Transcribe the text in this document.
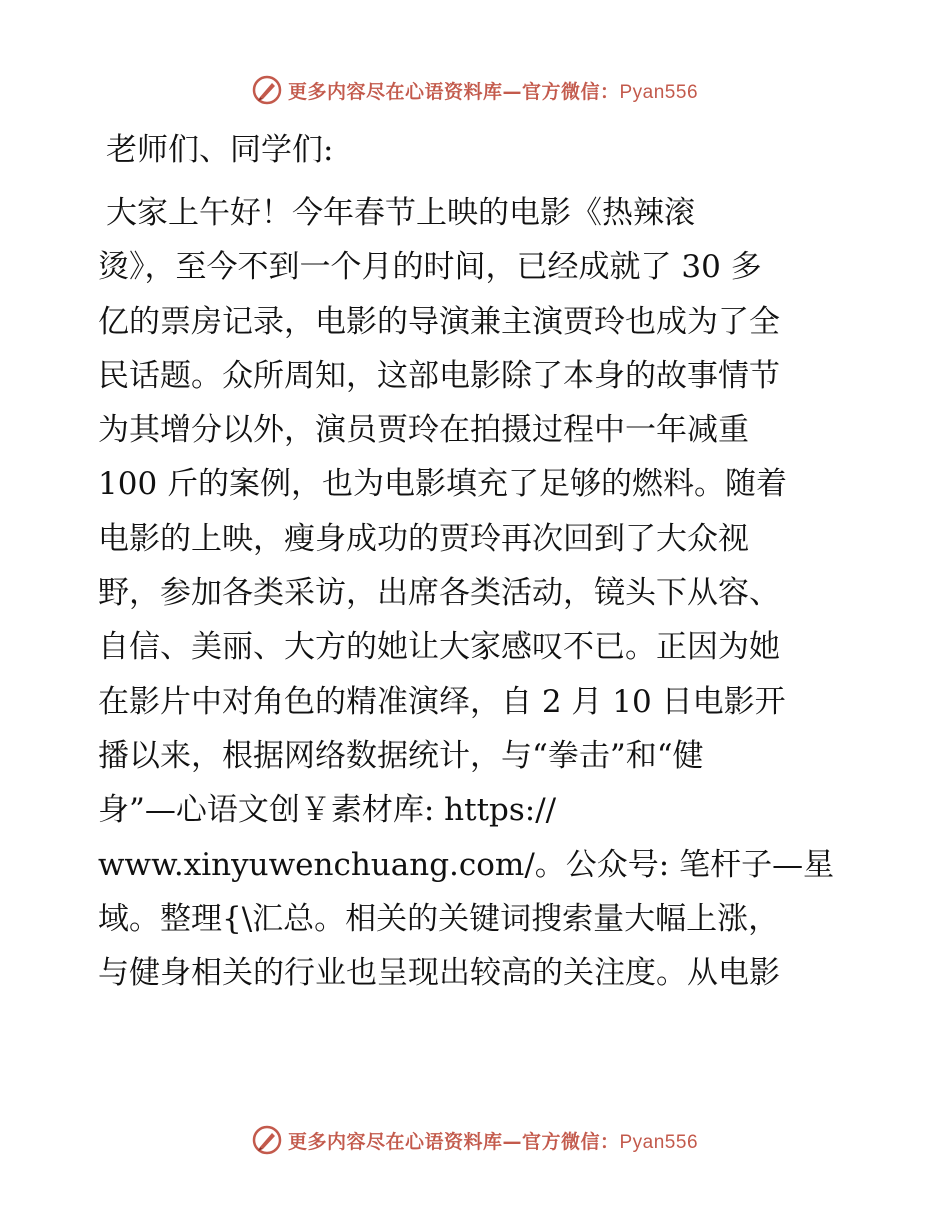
更多内容尽在心语资料库—官方微信：Pyan556
老师们、同学们:
大家上午好！今年春节上映的电影《热辣滚
烫》，至今不到一个月的时间，已经成就了 30 多
亿的票房记录，电影的导演兼主演贾玲也成为了全
民话题。众所周知，这部电影除了本身的故事情节
为其增分以外，演员贾玲在拍摄过程中一年减重
100 斤的案例，也为电影填充了足够的燃料。随着
电影的上映，瘦身成功的贾玲再次回到了大众视
野，参加各类采访，出席各类活动，镜头下从容、
自信、美丽、大方的她让大家感叹不已。正因为她
在影片中对角色的精准演绎，自 2 月 10 日电影开
播以来，根据网络数据统计，与“拳击”和“健
身”—心语文创￥素材库: https://
www.xinyuwenchuang.com/。公众号: 笔杆子—星
域。整理{\汇总。相关的关键词搜索量大幅上涨，
与健身相关的行业也呈现出较高的关注度。从电影
更多内容尽在心语资料库—官方微信：Pyan556
